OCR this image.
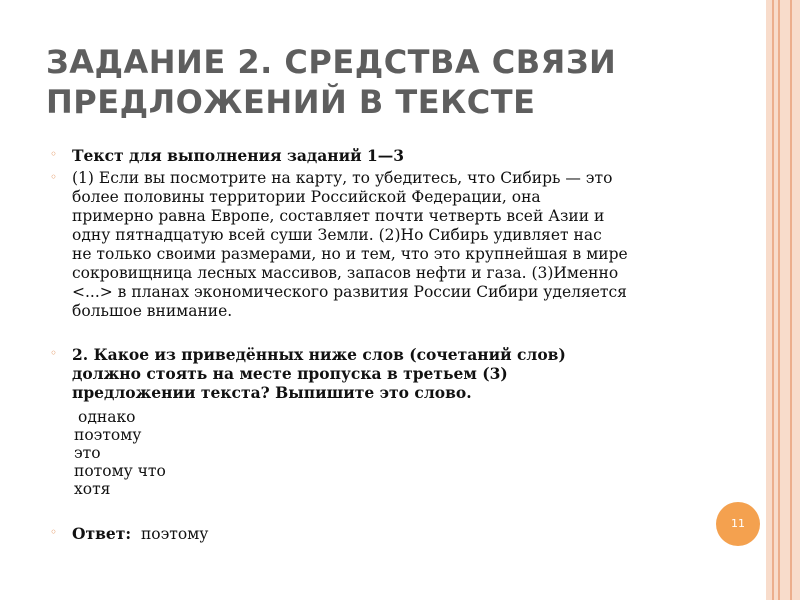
ЗАДАНИЕ 2. СРЕДСТВА СВЯЗИ
ПРЕДЛОЖЕНИЙ В ТЕКСТЕ
◦ Текст для выполнения заданий 1—3
◦ (1) Если вы посмотрите на карту, то убедитесь, что Сибирь — это
более половины территории Российской Федерации, она
примерно равна Европе, составляет почти четверть всей Азии и
одну пятнадцатую всей суши Земли. (2)Но Сибирь удивляет нас
не только своими размерами, но и тем, что это крупнейшая в мире
сокровищница лесных массивов, запасов нефти и газа. (3)Именно
<...> в планах экономического развития России Сибири уделяется
большое внимание.
◦ 2. Какое из приведённых ниже слов (сочетаний слов)
должно стоять на месте пропуска в третьем (3)
предложении текста? Выпишите это слово.
однако
поэтому
это
потому что
хотя
◦ Ответ: поэтому
11
